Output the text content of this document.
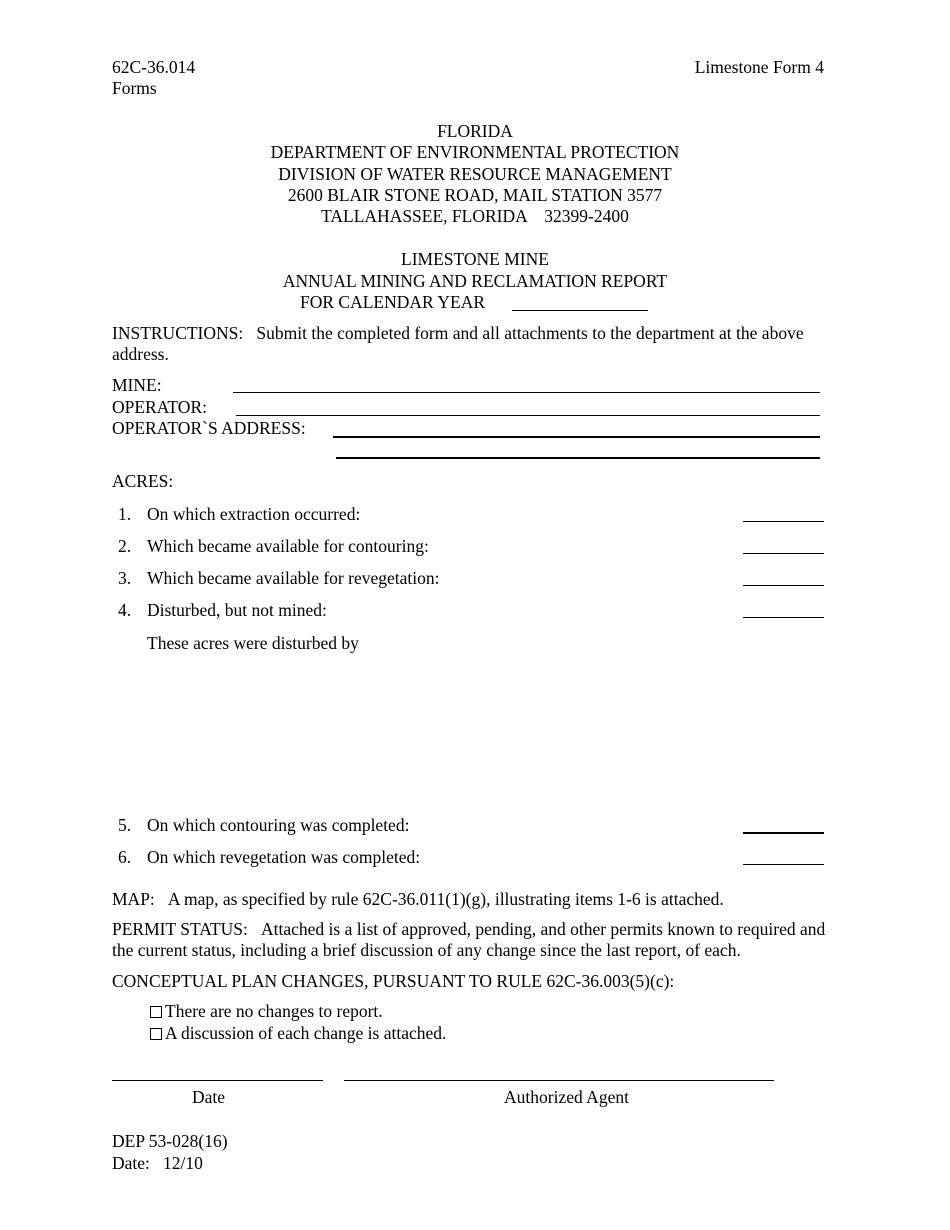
62C-36.014
Forms
Limestone Form 4
FLORIDA
DEPARTMENT OF ENVIRONMENTAL PROTECTION
DIVISION OF WATER RESOURCE MANAGEMENT
2600 BLAIR STONE ROAD, MAIL STATION 3577
TALLAHASSEE, FLORIDA    32399-2400
LIMESTONE MINE
ANNUAL MINING AND RECLAMATION REPORT
FOR CALENDAR YEAR
INSTRUCTIONS: Submit the completed form and all attachments to the department at the above address.
MINE:
OPERATOR:
OPERATOR`S ADDRESS:
ACRES:
1. On which extraction occurred:
2. Which became available for contouring:
3. Which became available for revegetation:
4. Disturbed, but not mined:
These acres were disturbed by
5. On which contouring was completed:
6. On which revegetation was completed:
MAP: A map, as specified by rule 62C-36.011(1)(g), illustrating items 1-6 is attached.
PERMIT STATUS: Attached is a list of approved, pending, and other permits known to required and the current status, including a brief discussion of any change since the last report, of each.
CONCEPTUAL PLAN CHANGES, PURSUANT TO RULE 62C-36.003(5)(c):
There are no changes to report.
A discussion of each change is attached.
Date	Authorized Agent
DEP 53-028(16)
Date: 12/10
